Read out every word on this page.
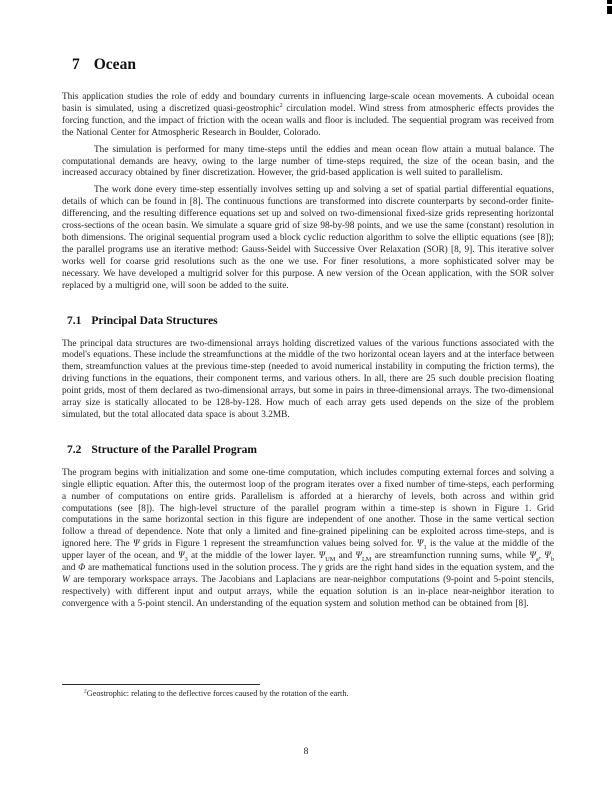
7 Ocean

This application studies the role of eddy and boundary currents in influencing large-scale ocean movements. A cuboidal ocean basin is simulated, using a discretized quasi-geostrophic$^2$ circulation model. Wind stress from atmospheric effects provides the forcing function, and the impact of friction with the ocean walls and floor is included. The sequential program was received from the National Center for Atmospheric Research in Boulder, Colorado.

The simulation is performed for many time-steps until the eddies and mean ocean flow attain a mutual balance. The computational demands are heavy, owing to the large number of time-steps required, the size of the ocean basin, and the increased accuracy obtained by finer discretization. However, the grid-based application is well suited to parallelism.

The work done every time-step essentially involves setting up and solving a set of spatial partial differential equations, details of which can be found in [8]. The continuous functions are transformed into discrete counterparts by second-order finite-differencing, and the resulting difference equations set up and solved on two-dimensional fixed-size grids representing horizontal cross-sections of the ocean basin. We simulate a square grid of size 98-by-98 points, and we use the same (constant) resolution in both dimensions. The original sequential program used a block cyclic reduction algorithm to solve the elliptic equations (see [8]); the parallel programs use an iterative method: Gauss-Seidel with Successive Over Relaxation (SOR) [8, 9]. This iterative solver works well for coarse grid resolutions such as the one we use. For finer resolutions, a more sophisticated solver may be necessary. We have developed a multigrid solver for this purpose. A new version of the Ocean application, with the SOR solver replaced by a multigrid one, will soon be added to the suite.

7.1 Principal Data Structures

The principal data structures are two-dimensional arrays holding discretized values of the various functions associated with the model's equations. These include the streamfunctions at the middle of the two horizontal ocean layers and at the interface between them, streamfunction values at the previous time-step (needed to avoid numerical instability in computing the friction terms), the driving functions in the equations, their component terms, and various others. In all, there are 25 such double precision floating point grids, most of them declared as two-dimensional arrays, but some in pairs in three-dimensional arrays. The two-dimensional array size is statically allocated to be 128-by-128. How much of each array gets used depends on the size of the problem simulated, but the total allocated data space is about 3.2MB.

7.2 Structure of the Parallel Program

The program begins with initialization and some one-time computation, which includes computing external forces and solving a single elliptic equation. After this, the outermost loop of the program iterates over a fixed number of time-steps, each performing a number of computations on entire grids. Parallelism is afforded at a hierarchy of levels, both across and within grid computations (see [8]). The high-level structure of the parallel program within a time-step is shown in Figure 1. Grid computations in the same horizontal section in this figure are independent of one another. Those in the same vertical section follow a thread of dependence. Note that only a limited and fine-grained pipelining can be exploited across time-steps, and is ignored here. The Ψ grids in Figure 1 represent the streamfunction values being solved for. $\Psi_1$ is the value at the middle of the upper layer of the ocean, and $\Psi_3$ at the middle of the lower layer. $\Psi_{UM}$ and $\Psi_{LM}$ are streamfunction running sums, while $\Psi_a$, $\Psi_b$ and Φ are mathematical functions used in the solution process. The γ grids are the right hand sides in the equation system, and the W are temporary workspace arrays. The Jacobians and Laplacians are near-neighbor computations (9-point and 5-point stencils, respectively) with different input and output arrays, while the equation solution is an in-place near-neighbor iteration to convergence with a 5-point stencil. An understanding of the equation system and solution method can be obtained from [8].

$^2$Geostrophic: relating to the deflective forces caused by the rotation of the earth.

8
